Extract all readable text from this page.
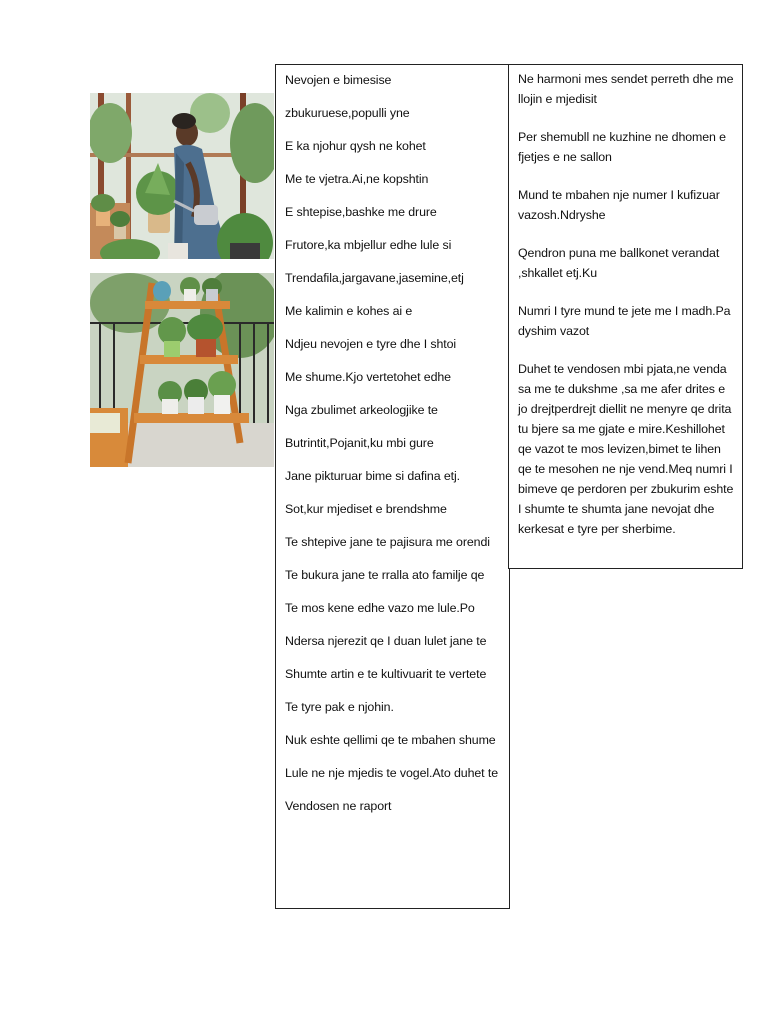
Nevojen e bimesise

zbukuruese,populli yne

E ka njohur qysh ne kohet

Me te vjetra.Ai,ne kopshtin

E shtepise,bashke me drure

Frutore,ka mbjellur edhe lule si

Trendafila,jargavane,jasemine,etj

Me kalimin e kohes ai e

Ndjeu nevojen e tyre dhe I shtoi

Me shume.Kjo vertetohet edhe

Nga zbulimet arkeologjike te

Butrintit,Pojanit,ku mbi gure

Jane pikturuar bime si dafina etj.

Sot,kur mjediset e brendshme

Te shtepive jane te pajisura me orendi

Te bukura jane te rralla ato familje qe

Te mos kene edhe vazo me lule.Po

Ndersa njerezit qe I duan lulet jane te

Shumte artin e te kultivuarit te vertete

Te tyre pak e njohin.

Nuk eshte qellimi qe te mbahen shume

Lule ne nje mjedis te vogel.Ato duhet te

Vendosen ne raport

Ne harmoni mes sendet perreth dhe me llojin e mjedisit

Per shemubll ne kuzhine ne dhomen e fjetjes e ne sallon

Mund te mbahen nje numer I kufizuar vazosh.Ndryshe

Qendron puna me ballkonet verandat ,shkallet etj.Ku

Numri I tyre mund te jete me I madh.Pa dyshim vazot

Duhet te vendosen mbi pjata,ne venda sa me te dukshme ,sa me afer drites e jo drejtperdrejt diellit ne menyre qe drita tu bjere sa me gjate e mire.Keshillohet qe vazot te mos levizen,bimet te lihen qe te mesohen ne nje vend.Meq numri I bimeve qe perdoren per zbukurim eshte I shumte te shumta jane nevojat dhe kerkesat e tyre per sherbime.
